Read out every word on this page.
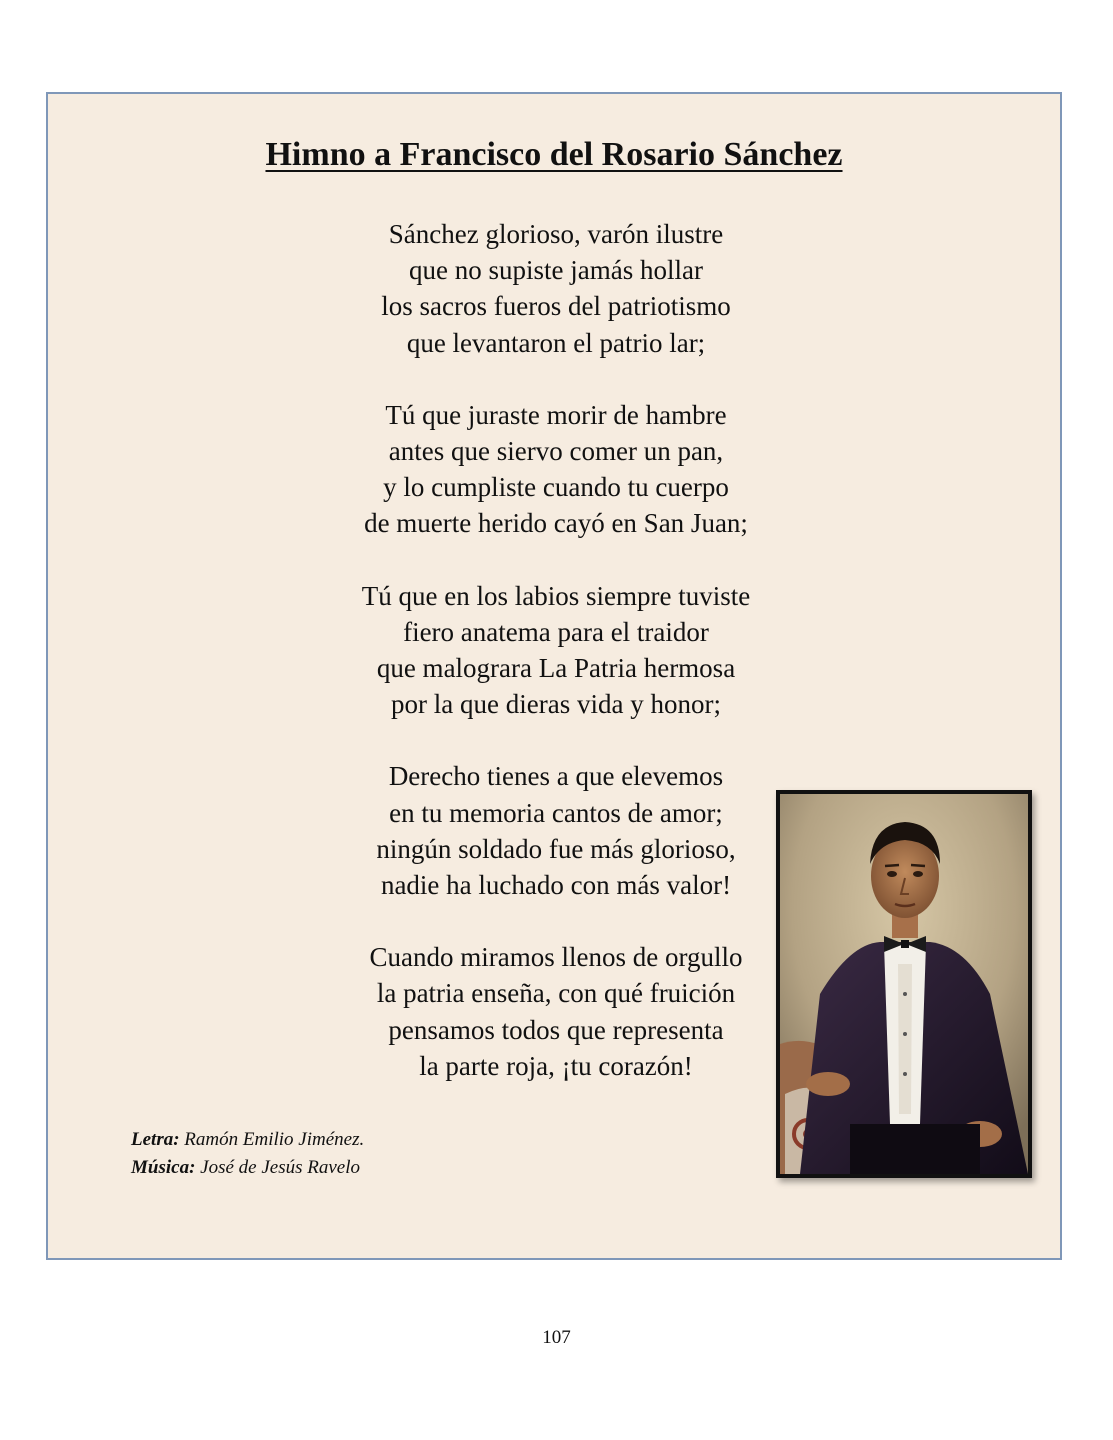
Himno a Francisco del Rosario Sánchez
Sánchez glorioso, varón ilustre
que no supiste jamás hollar
los sacros fueros del patriotismo
que levantaron el patrio lar;
Tú que juraste morir de hambre
antes que siervo comer un pan,
y lo cumpliste cuando tu cuerpo
de muerte herido cayó en San Juan;
Tú que en los labios siempre tuviste
fiero anatema para el traidor
que malograra La Patria hermosa
por la que dieras vida y honor;
Derecho tienes a que elevemos
en tu memoria cantos de amor;
ningún soldado fue más glorioso,
nadie ha luchado con más valor!
Cuando miramos llenos de orgullo
la patria enseña, con qué fruición
pensamos todos que representa
la parte roja, ¡tu corazón!
Letra: Ramón Emilio Jiménez.
Música: José de Jesús Ravelo
107
